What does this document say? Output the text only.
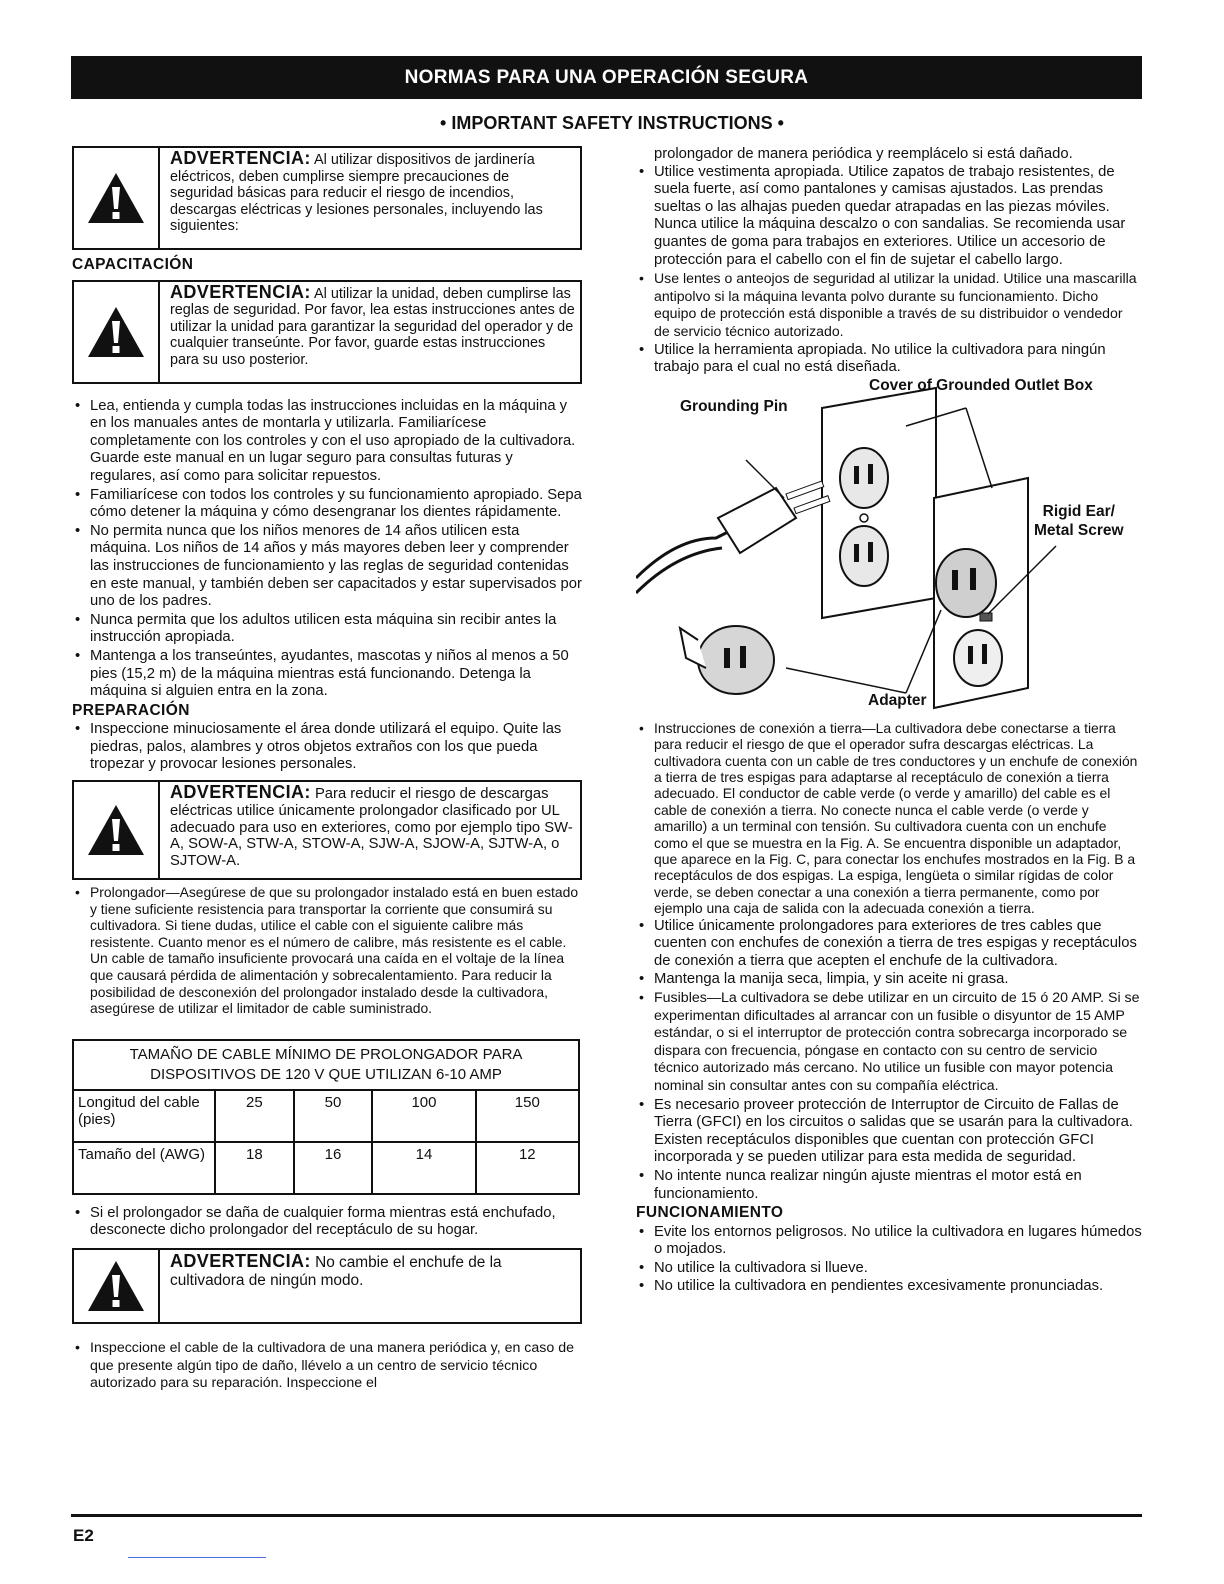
NORMAS PARA UNA OPERACIÓN SEGURA
• IMPORTANT SAFETY INSTRUCTIONS •
ADVERTENCIA: Al utilizar dispositivos de jardinería eléctricos, deben cumplirse siempre precauciones de seguridad básicas para reducir el riesgo de incendios, descargas eléctricas y lesiones personales, incluyendo las siguientes:
CAPACITACIÓN
ADVERTENCIA: Al utilizar la unidad, deben cumplirse las reglas de seguridad. Por favor, lea estas instrucciones antes de utilizar la unidad para garantizar la seguridad del operador y de cualquier transeúnte. Por favor, guarde estas instrucciones para su uso posterior.
• Lea, entienda y cumpla todas las instrucciones incluidas en la máquina y en los manuales antes de montarla y utilizarla. Familiarícese completamente con los controles y con el uso apropiado de la cultivadora. Guarde este manual en un lugar seguro para consultas futuras y regulares, así como para solicitar repuestos.
• Familiarícese con todos los controles y su funcionamiento apropiado. Sepa cómo detener la máquina y cómo desengranar los dientes rápidamente.
• No permita nunca que los niños menores de 14 años utilicen esta máquina. Los niños de 14 años y más mayores deben leer y comprender las instrucciones de funcionamiento y las reglas de seguridad contenidas en este manual, y también deben ser capacitados y estar supervisados por uno de los padres.
• Nunca permita que los adultos utilicen esta máquina sin recibir antes la instrucción apropiada.
• Mantenga a los transeúntes, ayudantes, mascotas y niños al menos a 50 pies (15,2 m) de la máquina mientras está funcionando. Detenga la máquina si alguien entra en la zona.
PREPARACIÓN
• Inspeccione minuciosamente el área donde utilizará el equipo. Quite las piedras, palos, alambres y otros objetos extraños con los que pueda tropezar y provocar lesiones personales.
ADVERTENCIA: Para reducir el riesgo de descargas eléctricas utilice únicamente prolongador clasificado por UL adecuado para uso en exteriores, como por ejemplo tipo SW-A, SOW-A, STW-A, STOW-A, SJW-A, SJOW-A, SJTW-A, o SJTOW-A.
• Prolongador—Asegúrese de que su prolongador instalado está en buen estado y tiene suficiente resistencia para transportar la corriente que consumirá su cultivadora. Si tiene dudas, utilice el cable con el siguiente calibre más resistente. Cuanto menor es el número de calibre, más resistente es el cable. Un cable de tamaño insuficiente provocará una caída en el voltaje de la línea que causará pérdida de alimentación y sobrecalentamiento. Para reducir la posibilidad de desconexión del prolongador instalado desde la cultivadora, asegúrese de utilizar el limitador de cable suministrado.
TAMAÑO DE CABLE MÍNIMO DE PROLONGADOR PARA
DISPOSITIVOS DE 120 V QUE UTILIZAN 6-10 AMP				

Longitud del cable (pies)	25	50	100	150
Tamaño del (AWG)	18	16	14	12
• Si el prolongador se daña de cualquier forma mientras está enchufado, desconecte dicho prolongador del receptáculo de su hogar.
ADVERTENCIA: No cambie el enchufe de la cultivadora de ningún modo.
• Inspeccione el cable de la cultivadora de una manera periódica y, en caso de que presente algún tipo de daño, llévelo a un centro de servicio técnico autorizado para su reparación. Inspeccione el
prolongador de manera periódica y reemplácelo si está dañado.
• Utilice vestimenta apropiada. Utilice zapatos de trabajo resistentes, de suela fuerte, así como pantalones y camisas ajustados. Las prendas sueltas o las alhajas pueden quedar atrapadas en las piezas móviles. Nunca utilice la máquina descalzo o con sandalias. Se recomienda usar guantes de goma para trabajos en exteriores. Utilice un accesorio de protección para el cabello con el fin de sujetar el cabello largo.
• Use lentes o anteojos de seguridad al utilizar la unidad. Utilice una mascarilla antipolvo si la máquina levanta polvo durante su funcionamiento. Dicho equipo de protección está disponible a través de su distribuidor o vendedor de servicio técnico autorizado.
• Utilice la herramienta apropiada. No utilice la cultivadora para ningún trabajo para el cual no está diseñada.
Cover of Grounded Outlet Box
Grounding Pin
Rigid Ear/
Metal Screw
Adapter
• Instrucciones de conexión a tierra—La cultivadora debe conectarse a tierra para reducir el riesgo de que el operador sufra descargas eléctricas. La cultivadora cuenta con un cable de tres conductores y un enchufe de conexión a tierra de tres espigas para adaptarse al receptáculo de conexión a tierra adecuado. El conductor de cable verde (o verde y amarillo) del cable es el cable de conexión a tierra. No conecte nunca el cable verde (o verde y amarillo) a un terminal con tensión. Su cultivadora cuenta con un enchufe como el que se muestra en la Fig. A. Se encuentra disponible un adaptador, que aparece en la Fig. C, para conectar los enchufes mostrados en la Fig. B a receptáculos de dos espigas. La espiga, lengüeta o similar rígidas de color verde, se deben conectar a una conexión a tierra permanente, como por ejemplo una caja de salida con la adecuada conexión a tierra.
• Utilice únicamente prolongadores para exteriores de tres cables que cuenten con enchufes de conexión a tierra de tres espigas y receptáculos de conexión a tierra que acepten el enchufe de la cultivadora.
• Mantenga la manija seca, limpia, y sin aceite ni grasa.
• Fusibles—La cultivadora se debe utilizar en un circuito de 15 ó 20 AMP. Si se experimentan dificultades al arrancar con un fusible o disyuntor de 15 AMP estándar, o si el interruptor de protección contra sobrecarga incorporado se dispara con frecuencia, póngase en contacto con su centro de servicio técnico autorizado más cercano. No utilice un fusible con mayor potencia nominal sin consultar antes con su compañía eléctrica.
• Es necesario proveer protección de Interruptor de Circuito de Fallas de Tierra (GFCI) en los circuitos o salidas que se usarán para la cultivadora. Existen receptáculos disponibles que cuentan con protección GFCI incorporada y se pueden utilizar para esta medida de seguridad.
• No intente nunca realizar ningún ajuste mientras el motor está en funcionamiento.
FUNCIONAMIENTO
• Evite los entornos peligrosos. No utilice la cultivadora en lugares húmedos o mojados.
• No utilice la cultivadora si llueve.
• No utilice la cultivadora en pendientes excesivamente pronunciadas.
E2
